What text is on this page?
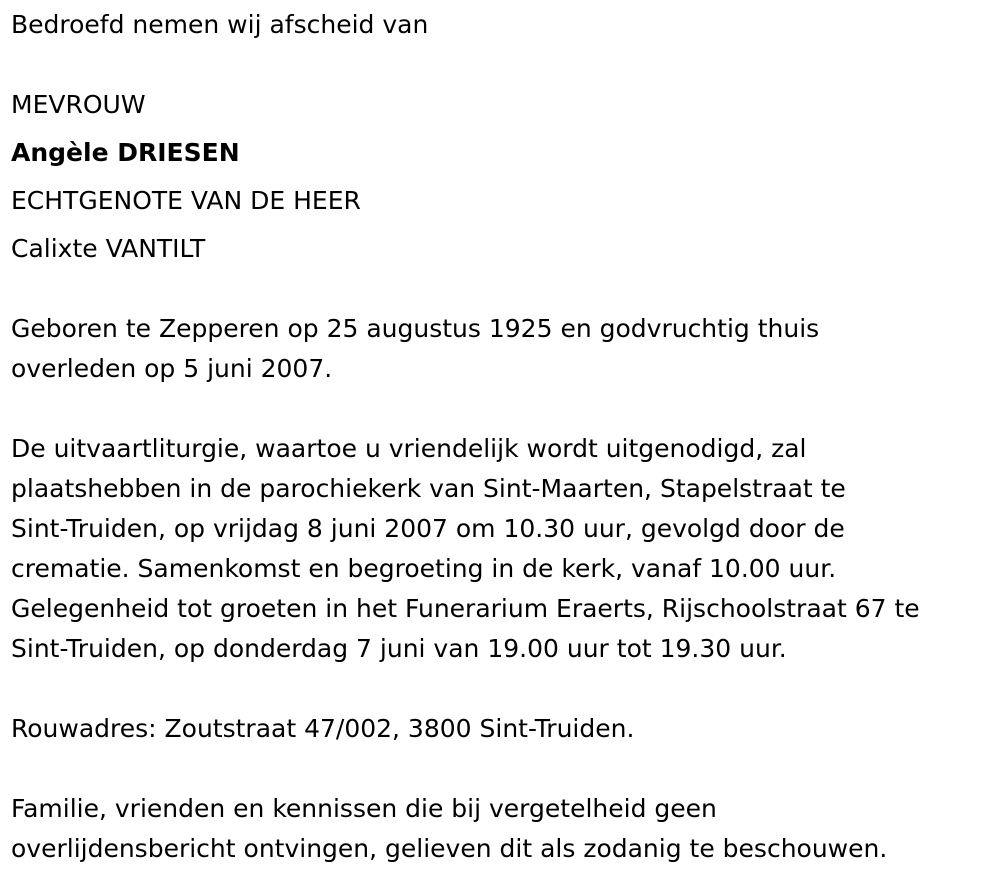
Bedroefd nemen wij afscheid van
MEVROUW
Angèle DRIESEN
ECHTGENOTE VAN DE HEER
Calixte VANTILT
Geboren te Zepperen op 25 augustus 1925 en godvruchtig thuis
overleden op 5 juni 2007.
De uitvaartliturgie, waartoe u vriendelijk wordt uitgenodigd, zal
plaatshebben in de parochiekerk van Sint-Maarten, Stapelstraat te
Sint-Truiden, op vrijdag 8 juni 2007 om 10.30 uur, gevolgd door de
crematie. Samenkomst en begroeting in de kerk, vanaf 10.00 uur.
Gelegenheid tot groeten in het Funerarium Eraerts, Rijschoolstraat 67 te
Sint-Truiden, op donderdag 7 juni van 19.00 uur tot 19.30 uur.
Rouwadres: Zoutstraat 47/002, 3800 Sint-Truiden.
Familie, vrienden en kennissen die bij vergetelheid geen
overlijdensbericht ontvingen, gelieven dit als zodanig te beschouwen.
